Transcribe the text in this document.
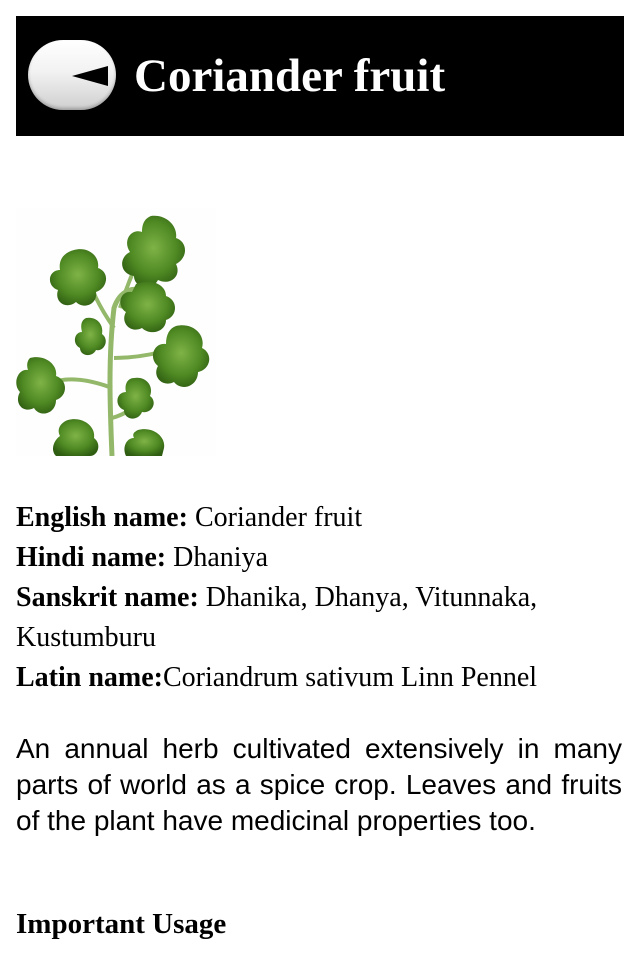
Coriander fruit
English name: Coriander fruit
Hindi name: Dhaniya
Sanskrit name: Dhanika, Dhanya, Vitunnaka, Kustumburu
Latin name:Coriandrum sativum Linn Pennel

An annual herb cultivated extensively in many parts of world as a spice crop. Leaves and fruits of the plant have medicinal properties too.

Important Usage
